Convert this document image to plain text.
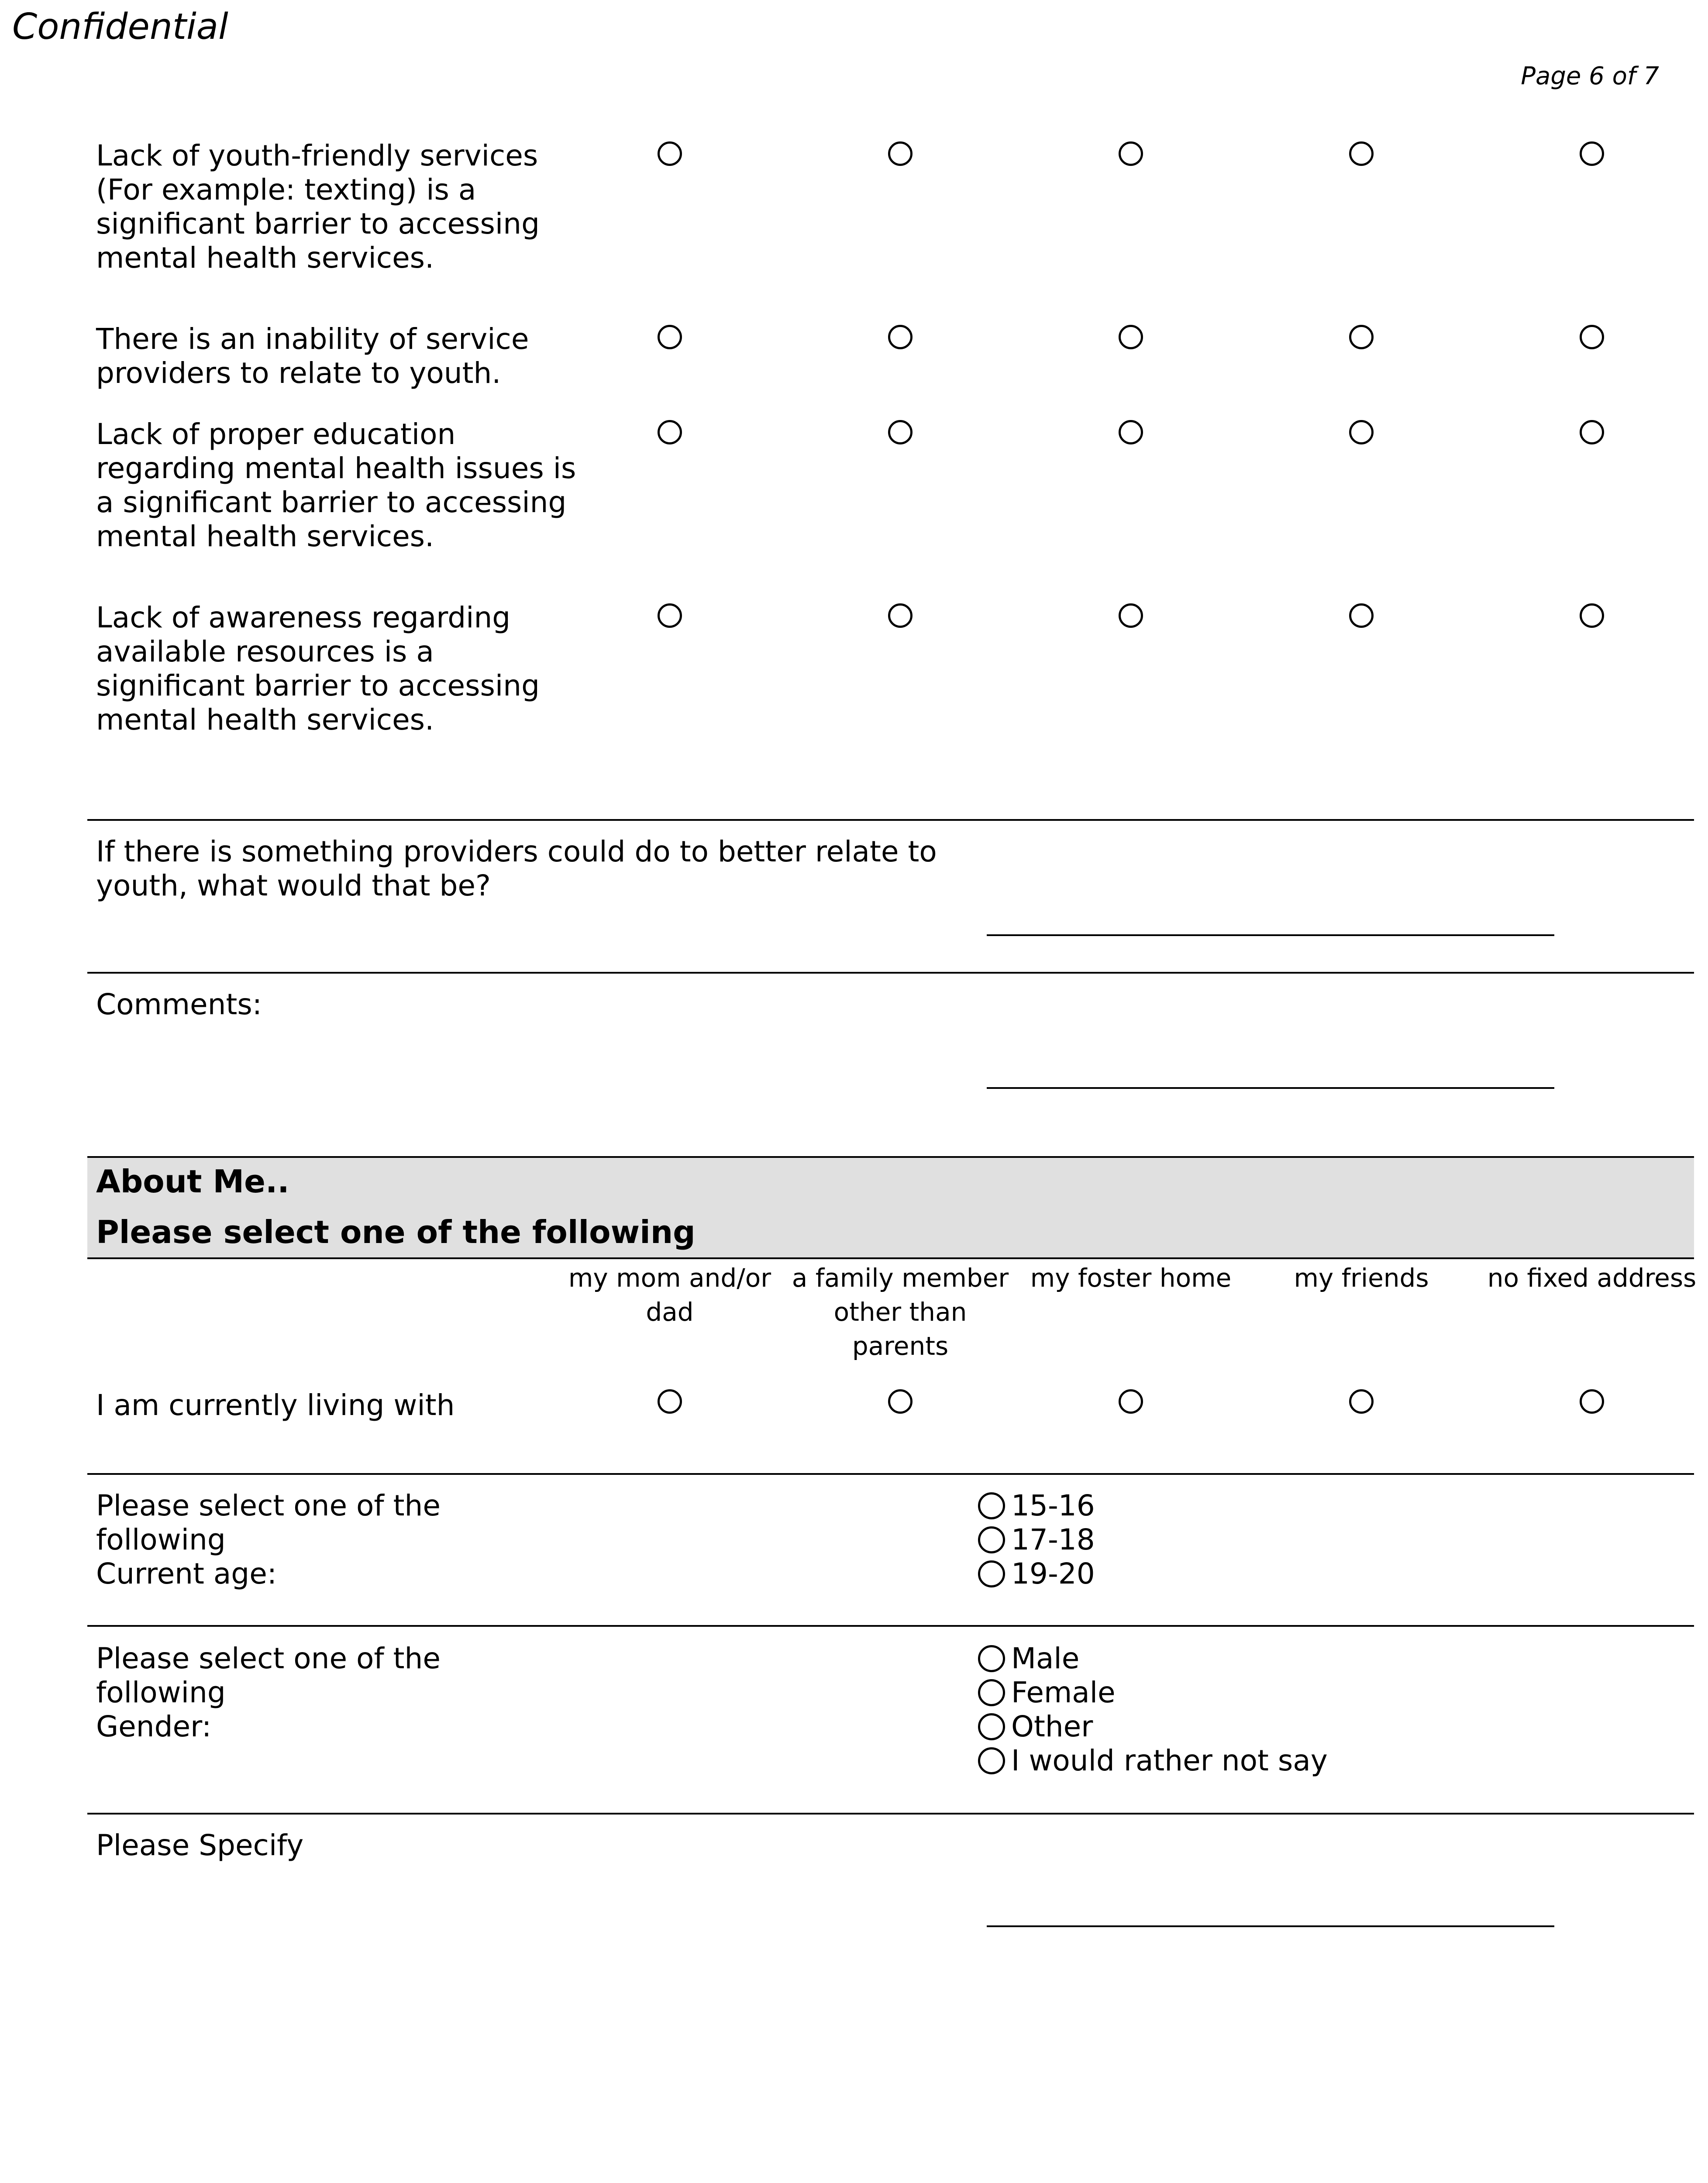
Confidential
Page 6 of 7
Lack of youth-friendly services (For example: texting) is a significant barrier to accessing mental health services.
There is an inability of service providers to relate to youth.
Lack of proper education regarding mental health issues is a significant barrier to accessing mental health services.
Lack of awareness regarding available resources is a significant barrier to accessing mental health services.
If there is something providers could do to better relate to youth, what would that be?
Comments:
About Me..
Please select one of the following
my mom and/or dad
a family member other than parents
my foster home	my friends	no fixed address
I am currently living with
Please select one of the following
Current age:
15-16
17-18
19-20
Please select one of the following
Gender:
Male
Female
Other
I would rather not say
Please Specify
